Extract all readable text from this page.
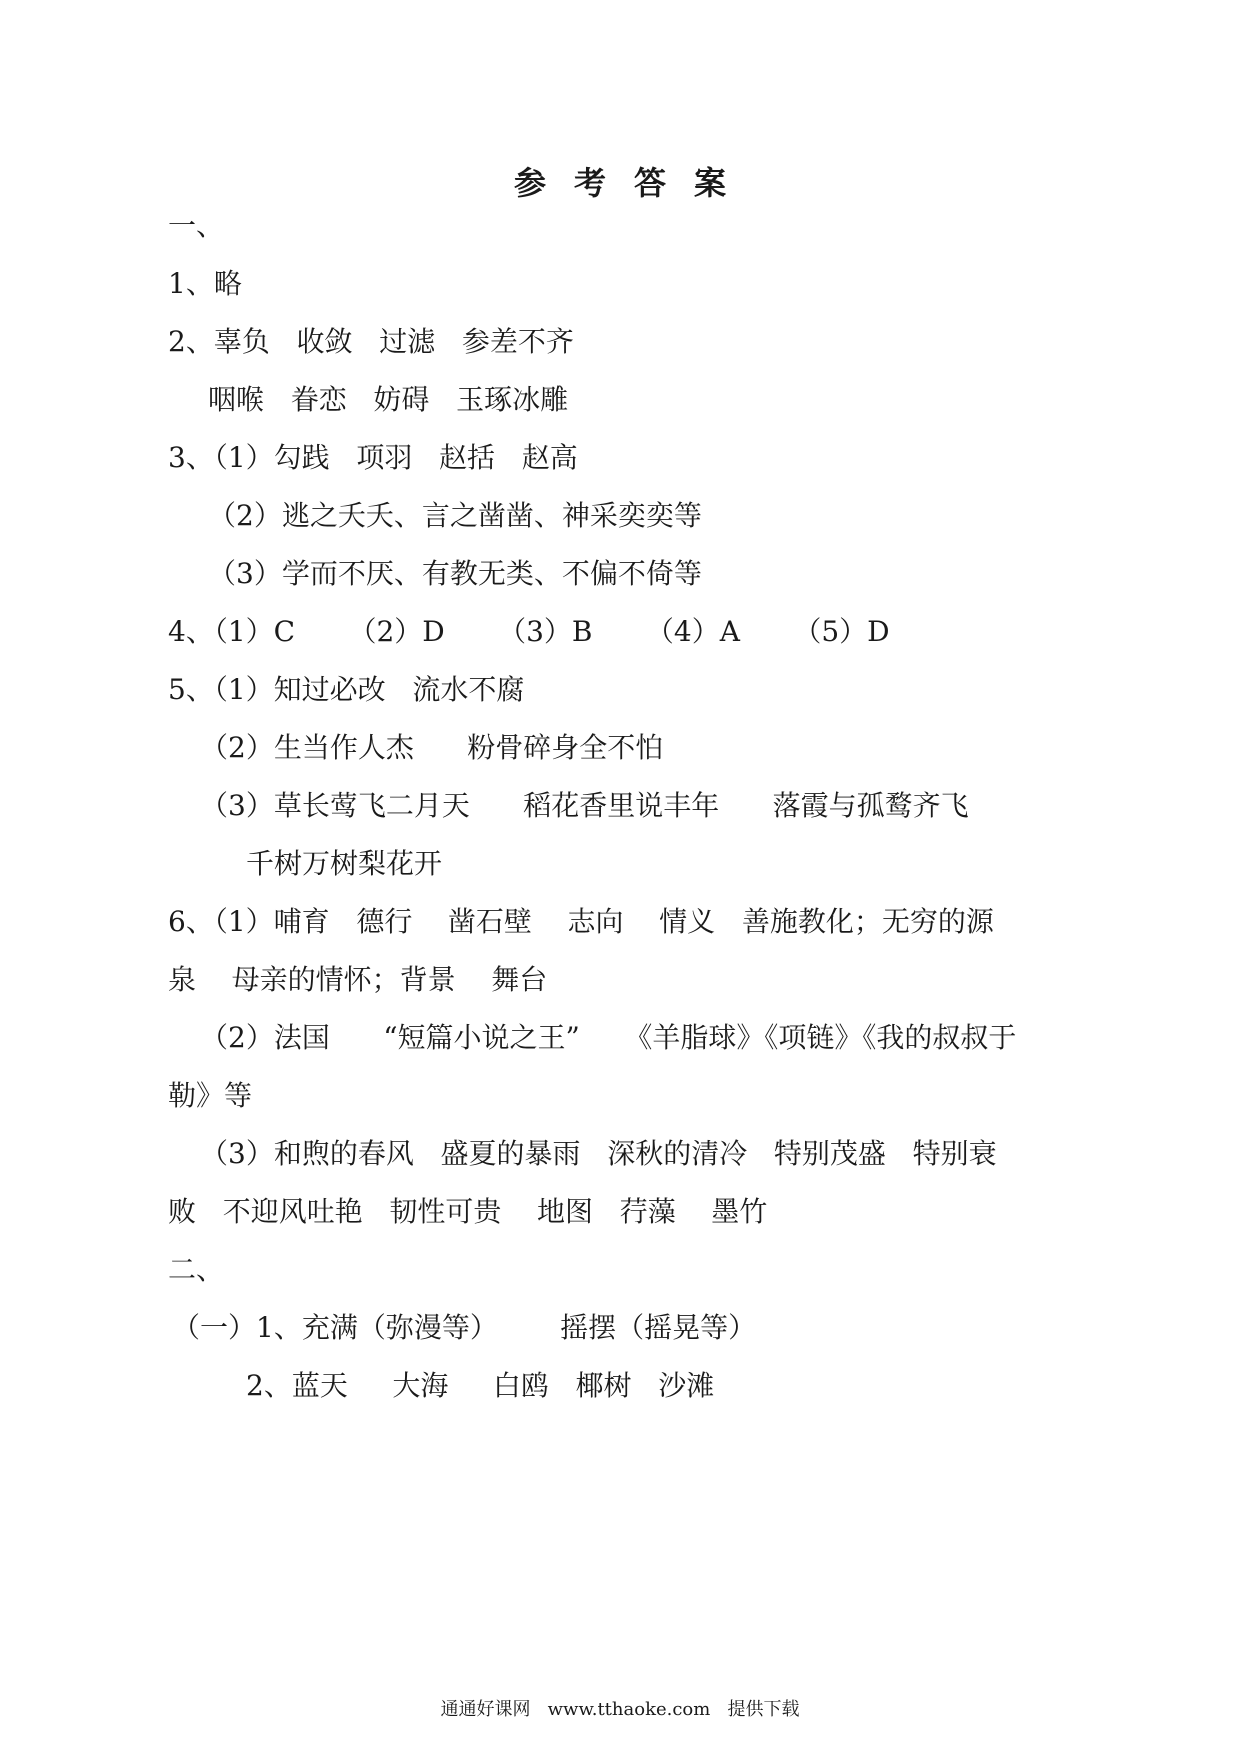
参考答案
一、
1、略
2、辜负   收敛   过滤   参差不齐
咽喉   眷恋   妨碍   玉琢冰雕
3、（1）勾践   项羽   赵括   赵高
（2）逃之夭夭、言之凿凿、神采奕奕等
（3）学而不厌、有教无类、不偏不倚等
4、（1）C      （2）D      （3）B      （4）A      （5）D
5、（1）知过必改   流水不腐
（2）生当作人杰      粉骨碎身全不怕
（3）草长莺飞二月天      稻花香里说丰年      落霞与孤鹜齐飞
千树万树梨花开
6、（1）哺育   德行    凿石壁    志向    情义   善施教化；无穷的源
泉    母亲的情怀；背景    舞台
（2）法国      “短篇小说之王”     《羊脂球》《项链》《我的叔叔于
勒》等
（3）和煦的春风   盛夏的暴雨   深秋的清冷   特别茂盛   特别衰
败   不迎风吐艳   韧性可贵    地图   荇藻    墨竹
二、
（一）1、充满（弥漫等）       摇摆（摇晃等）
2、蓝天     大海     白鸥   椰树   沙滩
通通好课网   www.tthaoke.com   提供下载
